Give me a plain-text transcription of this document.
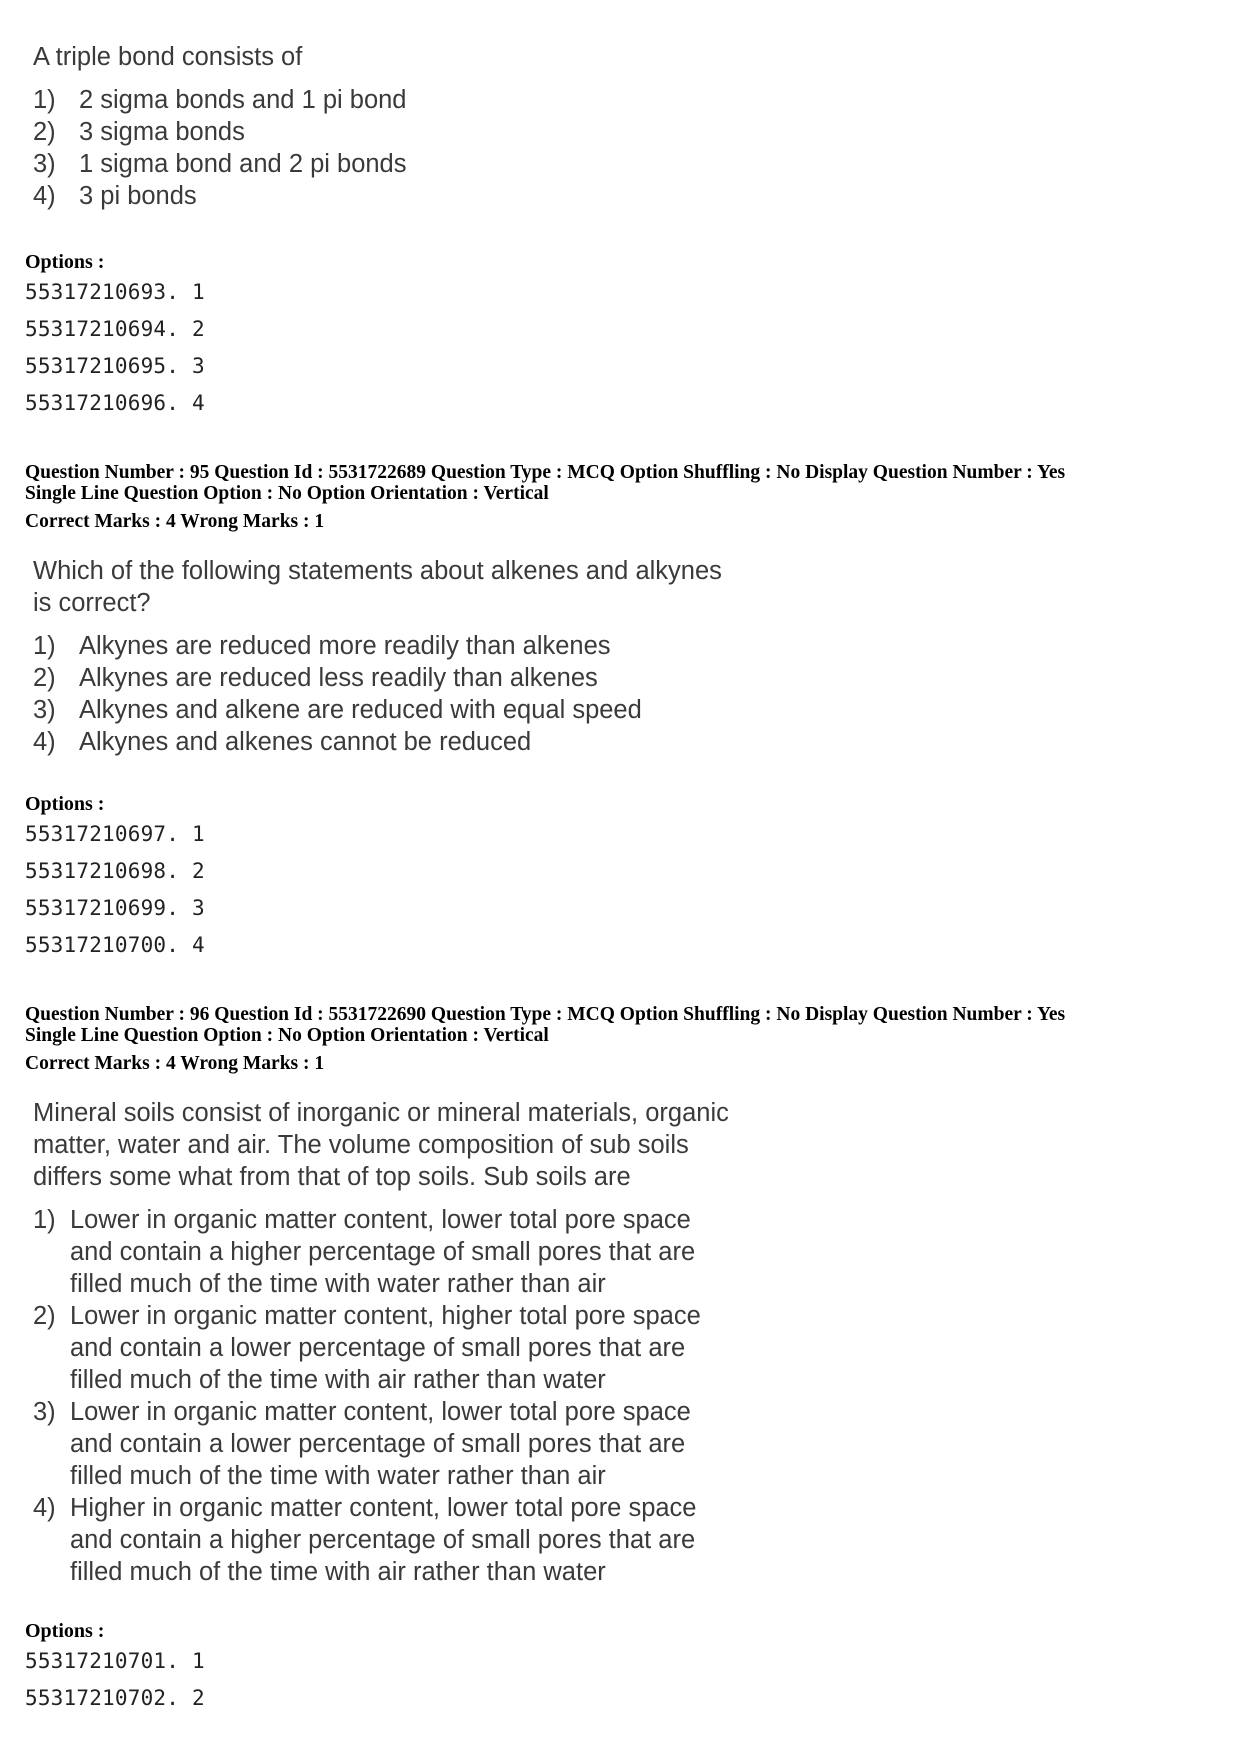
A triple bond consists of
1) 2 sigma bonds and 1 pi bond
2) 3 sigma bonds
3) 1 sigma bond and 2 pi bonds
4) 3 pi bonds
Options :
55317210693. 1
55317210694. 2
55317210695. 3
55317210696. 4
Question Number : 95 Question Id : 5531722689 Question Type : MCQ Option Shuffling : No Display Question Number : Yes
Single Line Question Option : No Option Orientation : Vertical
Correct Marks : 4 Wrong Marks : 1
Which of the following statements about alkenes and alkynes
is correct?
1) Alkynes are reduced more readily than alkenes
2) Alkynes are reduced less readily than alkenes
3) Alkynes and alkene are reduced with equal speed
4) Alkynes and alkenes cannot be reduced
Options :
55317210697. 1
55317210698. 2
55317210699. 3
55317210700. 4
Question Number : 96 Question Id : 5531722690 Question Type : MCQ Option Shuffling : No Display Question Number : Yes
Single Line Question Option : No Option Orientation : Vertical
Correct Marks : 4 Wrong Marks : 1
Mineral soils consist of inorganic or mineral materials, organic
matter, water and air. The volume composition of sub soils
differs some what from that of top soils. Sub soils are
1) Lower in organic matter content, lower total pore space
and contain a higher percentage of small pores that are
filled much of the time with water rather than air
2) Lower in organic matter content, higher total pore space
and contain a lower percentage of small pores that are
filled much of the time with air rather than water
3) Lower in organic matter content, lower total pore space
and contain a lower percentage of small pores that are
filled much of the time with water rather than air
4) Higher in organic matter content, lower total pore space
and contain a higher percentage of small pores that are
filled much of the time with air rather than water
Options :
55317210701. 1
55317210702. 2
